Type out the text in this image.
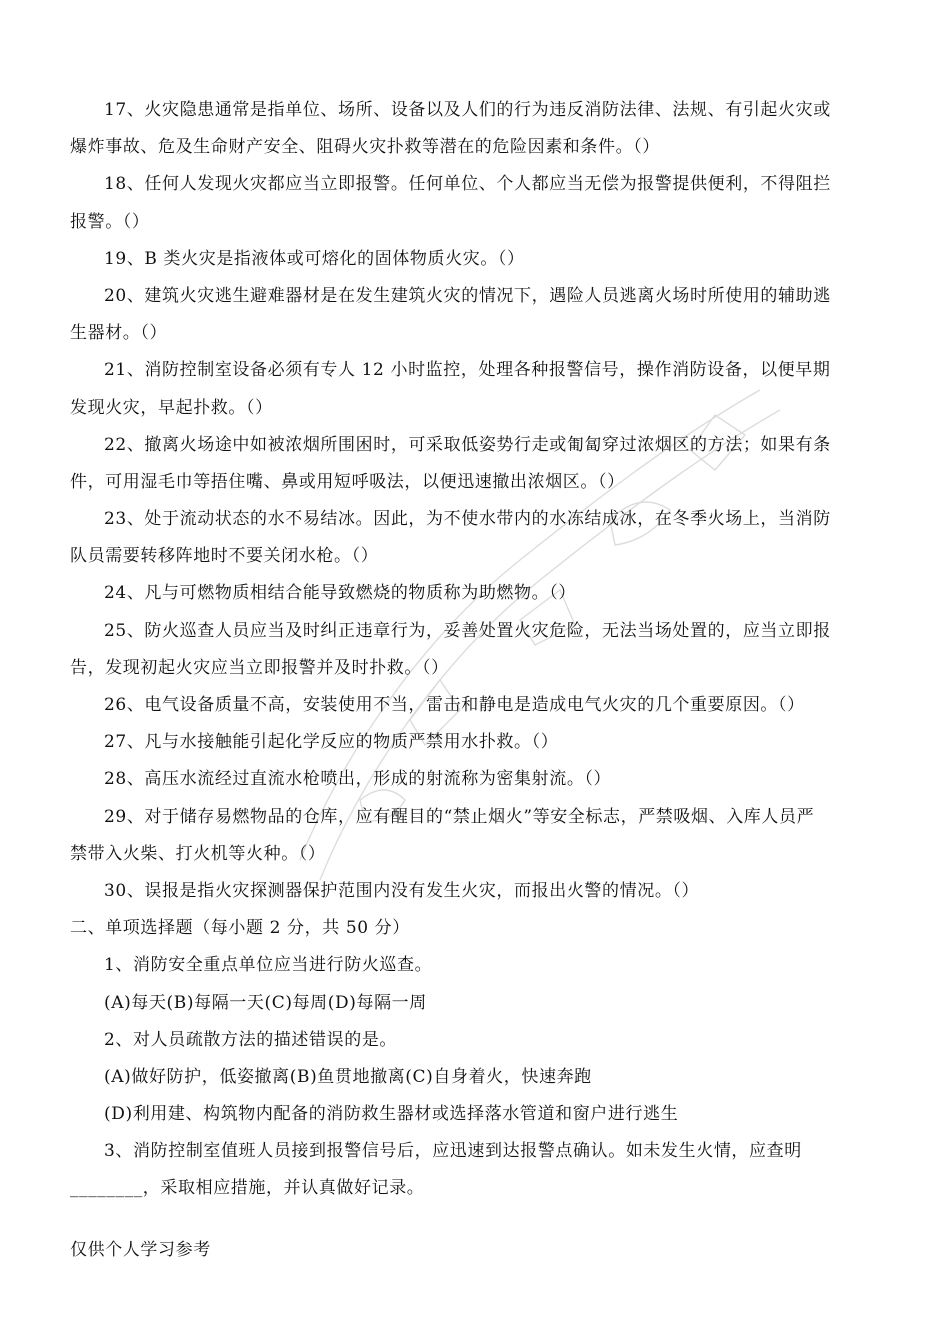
17、火灾隐患通常是指单位、场所、设备以及人们的行为违反消防法律、法规、有引起火灾或
爆炸事故、危及生命财产安全、阻碍火灾扑救等潜在的危险因素和条件。（）
18、任何人发现火灾都应当立即报警。任何单位、个人都应当无偿为报警提供便利，不得阻拦
报警。（）
19、B 类火灾是指液体或可熔化的固体物质火灾。（）
20、建筑火灾逃生避难器材是在发生建筑火灾的情况下，遇险人员逃离火场时所使用的辅助逃
生器材。（）
21、消防控制室设备必须有专人 12 小时监控，处理各种报警信号，操作消防设备，以便早期
发现火灾，早起扑救。（）
22、撤离火场途中如被浓烟所围困时，可采取低姿势行走或匍匐穿过浓烟区的方法；如果有条
件，可用湿毛巾等捂住嘴、鼻或用短呼吸法，以便迅速撤出浓烟区。（）
23、处于流动状态的水不易结冰。因此，为不使水带内的水冻结成冰，在冬季火场上，当消防
队员需要转移阵地时不要关闭水枪。（）
24、凡与可燃物质相结合能导致燃烧的物质称为助燃物。（）
25、防火巡查人员应当及时纠正违章行为，妥善处置火灾危险，无法当场处置的，应当立即报
告，发现初起火灾应当立即报警并及时扑救。（）
26、电气设备质量不高，安装使用不当，雷击和静电是造成电气火灾的几个重要原因。（）
27、凡与水接触能引起化学反应的物质严禁用水扑救。（）
28、高压水流经过直流水枪喷出，形成的射流称为密集射流。（）
29、对于储存易燃物品的仓库，应有醒目的“禁止烟火”等安全标志，严禁吸烟、入库人员严
禁带入火柴、打火机等火种。（）
30、误报是指火灾探测器保护范围内没有发生火灾，而报出火警的情况。（）
二、单项选择题（每小题 2 分，共 50 分）
1、消防安全重点单位应当进行防火巡查。
(A)每天(B)每隔一天(C)每周(D)每隔一周
2、对人员疏散方法的描述错误的是。
(A)做好防护，低姿撤离(B)鱼贯地撤离(C)自身着火，快速奔跑
(D)利用建、构筑物内配备的消防救生器材或选择落水管道和窗户进行逃生
3、消防控制室值班人员接到报警信号后，应迅速到达报警点确认。如未发生火情，应查明
________，采取相应措施，并认真做好记录。
仅供个人学习参考
